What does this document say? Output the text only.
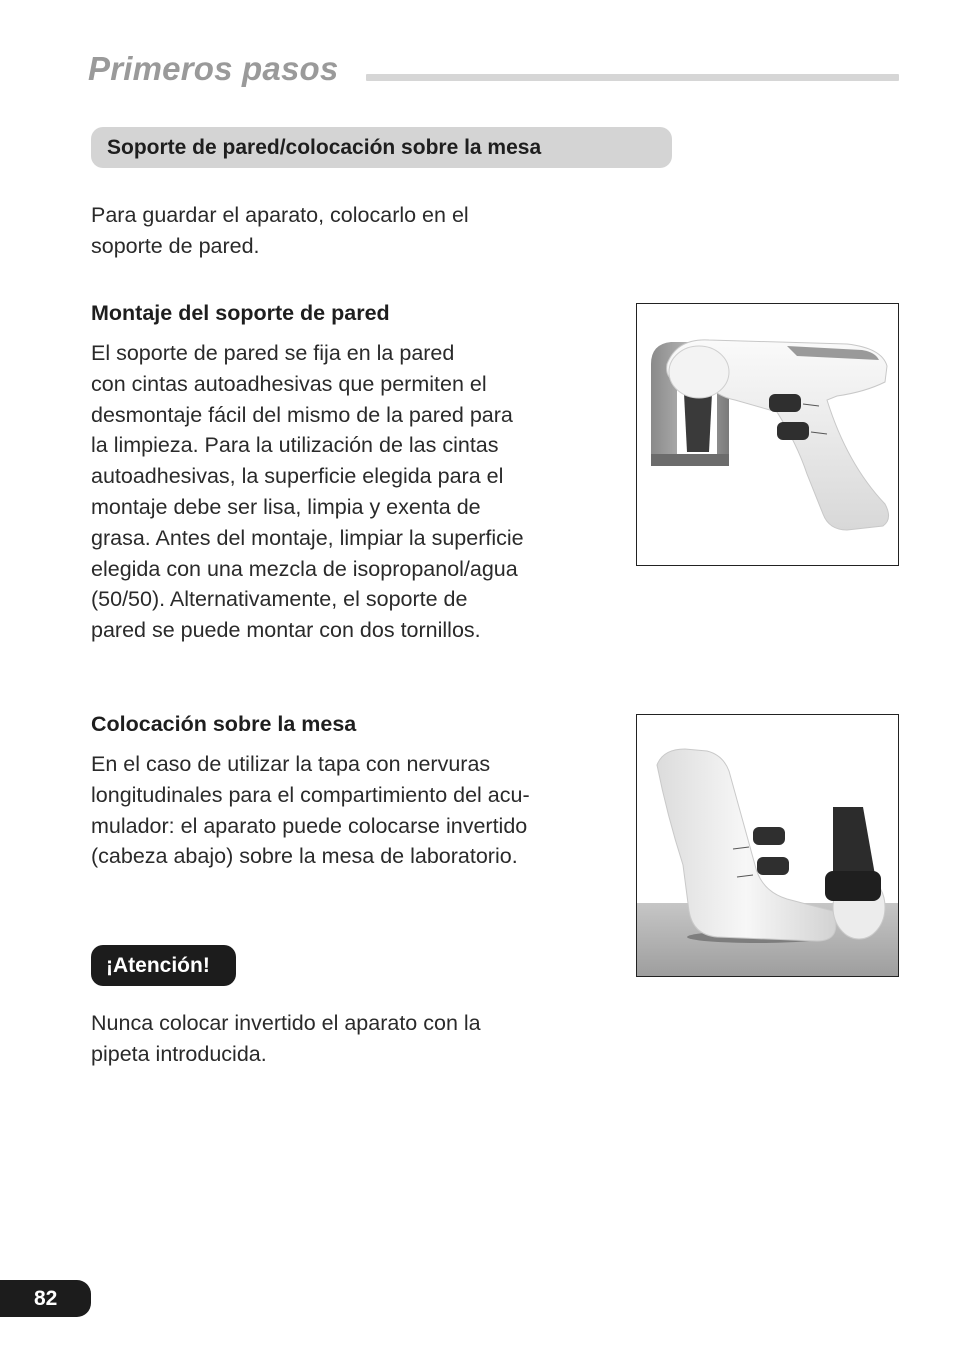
Primeros pasos
Soporte de pared/colocación sobre la mesa

Para guardar el aparato, colocarlo en el
soporte de pared.

Montaje del soporte de pared

El soporte de pared se fija en la pared
con cintas autoadhesivas que permiten el
desmontaje fácil del mismo de la pared para
la limpieza. Para la utilización de las cintas
autoadhesivas, la superficie elegida para el
montaje debe ser lisa, limpia y exenta de
grasa. Antes del montaje, limpiar la superficie
elegida con una mezcla de isopropanol/agua
(50/50). Alternativamente, el soporte de
pared se puede montar con dos tornillos.

Colocación sobre la mesa

En el caso de utilizar la tapa con nervuras
longitudinales para el compartimiento del acu-
mulador: el aparato puede colocarse invertido
(cabeza abajo) sobre la mesa de laboratorio.

¡Atención!

Nunca colocar invertido el aparato con la
pipeta introducida.

82
